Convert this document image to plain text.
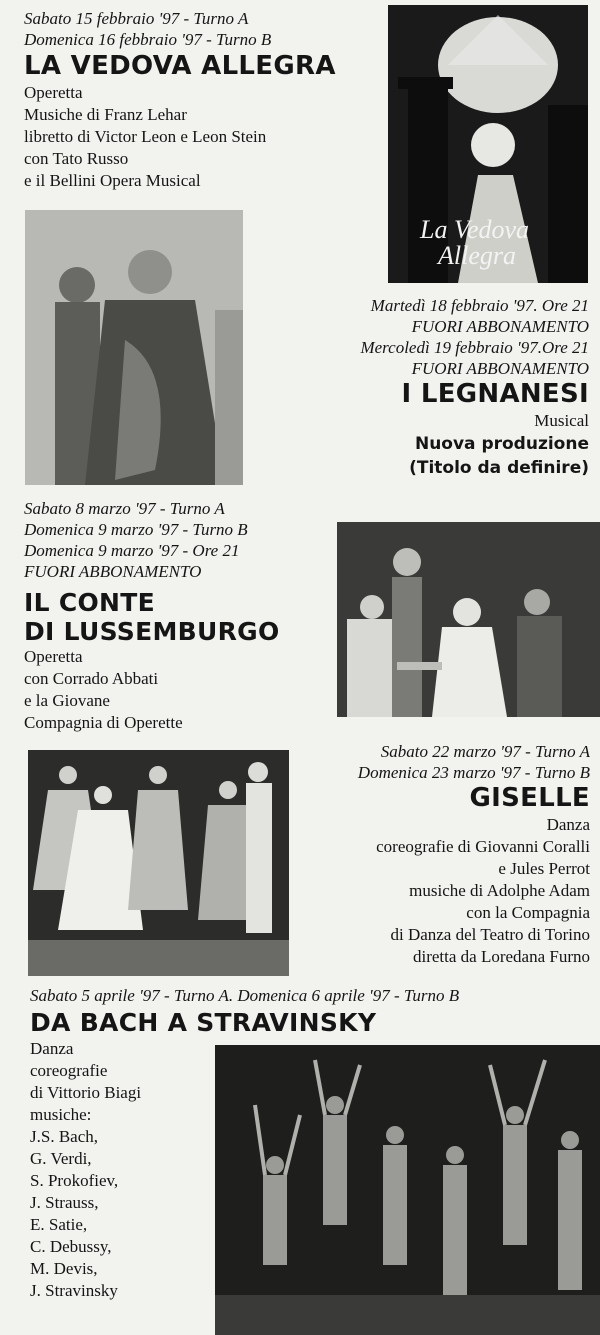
Sabato 15 febbraio '97 - Turno A

Domenica 16 febbraio '97 - Turno B

LA VEDOVA ALLEGRA

Operetta

Musiche di Franz Lehar

libretto di Victor Leon e Leon Stein

con Tato Russo

e il Bellini Opera Musical

La Vedova
Allegra

Martedì 18 febbraio '97. Ore 21

FUORI ABBONAMENTO

Mercoledì 19 febbraio '97.Ore 21

FUORI ABBONAMENTO

I LEGNANESI

Musical

Nuova produzione

(Titolo da definire)

Sabato 8 marzo '97 - Turno A

Domenica 9 marzo '97 - Turno B

Domenica 9 marzo '97 - Ore 21

FUORI ABBONAMENTO

IL CONTE

DI LUSSEMBURGO

Operetta

con Corrado Abbati

e la Giovane

Compagnia di Operette

Sabato 22 marzo '97 - Turno A

Domenica 23 marzo '97 - Turno B

GISELLE

Danza

coreografie di Giovanni Coralli

e Jules Perrot

musiche di Adolphe Adam

con la Compagnia

di Danza del Teatro di Torino

diretta da Loredana Furno

Sabato 5 aprile '97 - Turno A. Domenica 6 aprile '97 - Turno B

DA BACH A STRAVINSKY

Danza

coreografie

di Vittorio Biagi

musiche:

J.S. Bach,

G. Verdi,

S. Prokofiev,

J. Strauss,

E. Satie,

C. Debussy,

M. Devis,

J. Stravinsky
